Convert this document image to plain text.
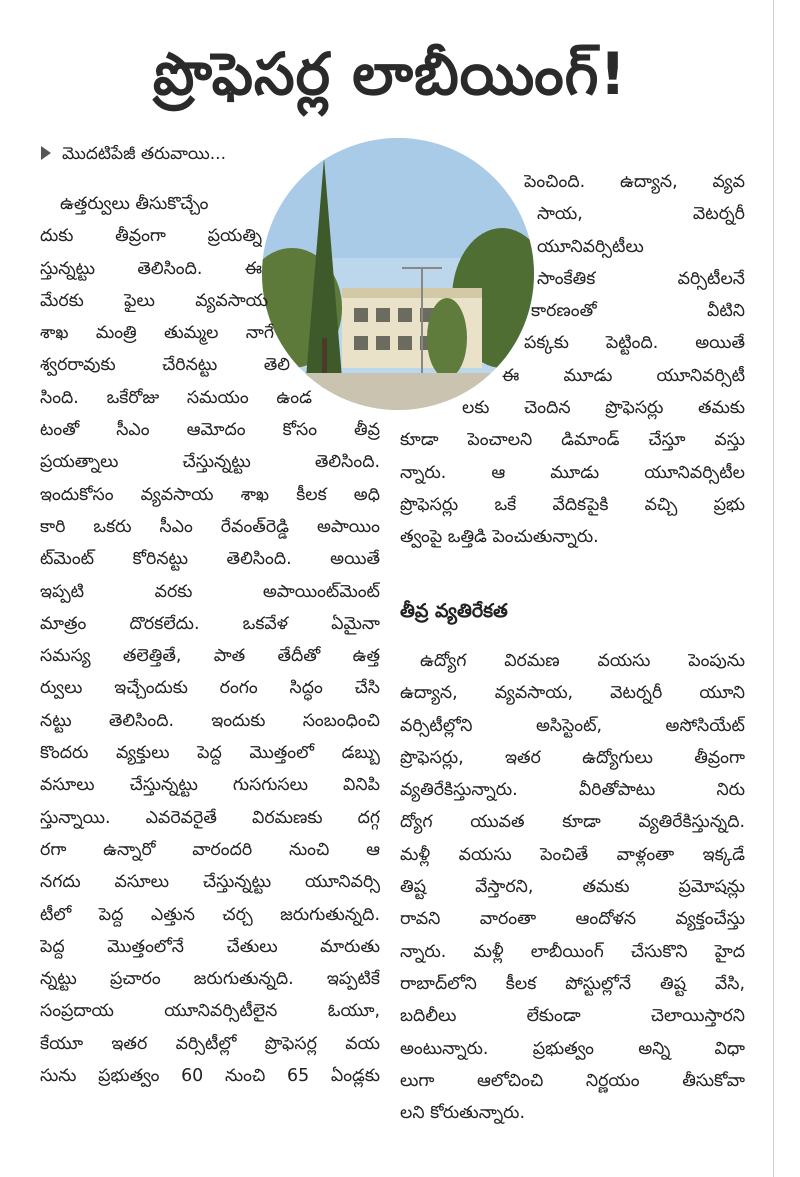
ప్రొఫెసర్ల లాబీయింగ్!
మొదటిపేజీ తరువాయి...
ఉత్తర్వులు తీసుకొచ్చేం
దుకు తీవ్రంగా ప్రయత్ని
స్తున్నట్టు తెలిసింది. ఈ
మేరకు ఫైలు వ్యవసాయ
శాఖ మంత్రి తుమ్మల నాగే
శ్వరరావుకు చేరినట్టు తెలి
సింది. ఒకేరోజు సమయం ఉండ
టంతో సీఎం ఆమోదం కోసం తీవ్ర
ప్రయత్నాలు చేస్తున్నట్టు తెలిసింది.
ఇందుకోసం వ్యవసాయ శాఖ కీలక అధి
కారి ఒకరు సీఎం రేవంత్‌రెడ్డి అపాయిం
ట్‌మెంట్ కోరినట్టు తెలిసింది. అయితే
ఇప్పటి వరకు అపాయింట్‌మెంట్
మాత్రం దొరకలేదు. ఒకవేళ ఏమైనా
సమస్య తలెత్తితే, పాత తేదీతో ఉత్త
ర్వులు ఇచ్చేందుకు రంగం సిద్ధం చేసి
నట్టు తెలిసింది. ఇందుకు సంబంధించి
కొందరు వ్యక్తులు పెద్ద మొత్తంలో డబ్బు
వసూలు చేస్తున్నట్టు గుసగుసలు వినిపి
స్తున్నాయి. ఎవరెవరైతే విరమణకు దగ్గ
రగా ఉన్నారో వారందరి నుంచి ఆ
నగదు వసూలు చేస్తున్నట్టు యూనివర్సి
టీలో పెద్ద ఎత్తున చర్చ జరుగుతున్నది.
పెద్ద మొత్తంలోనే చేతులు మారుతు
న్నట్టు ప్రచారం జరుగుతున్నది. ఇప్పటికే
సంప్రదాయ యూనివర్సిటీలైన ఓయూ,
కేయూ ఇతర వర్సిటీల్లో ప్రొఫెసర్ల వయ
సును ప్రభుత్వం 60 నుంచి 65 ఏండ్లకు
పెంచింది. ఉద్యాన, వ్యవ
సాయ, వెటర్నరీ
యూనివర్సిటీలు
సాంకేతిక వర్సిటీలనే
కారణంతో వీటిని
పక్కకు పెట్టింది. అయితే
ఈ మూడు యూనివర్సిటీ
లకు చెందిన ప్రొఫెసర్లు తమకు
కూడా పెంచాలని డిమాండ్ చేస్తూ వస్తు
న్నారు. ఆ మూడు యూనివర్సిటీల
ప్రొఫెసర్లు ఒకే వేదికపైకి వచ్చి ప్రభు
త్వంపై ఒత్తిడి పెంచుతున్నారు.
తీవ్ర వ్యతిరేకత
ఉద్యోగ విరమణ వయసు పెంపును
ఉద్యాన, వ్యవసాయ, వెటర్నరీ యూని
వర్సిటీల్లోని అసిస్టెంట్, అసోసియేట్
ప్రొఫెసర్లు, ఇతర ఉద్యోగులు తీవ్రంగా
వ్యతిరేకిస్తున్నారు. వీరితోపాటు నిరు
ద్యోగ యువత కూడా వ్యతిరేకిస్తున్నది.
మళ్లీ వయసు పెంచితే వాళ్లంతా ఇక్కడే
తిష్ట వేస్తారని, తమకు ప్రమోషన్లు
రావని వారంతా ఆందోళన వ్యక్తంచేస్తు
న్నారు. మళ్లీ లాబీయింగ్ చేసుకొని హైద
రాబాద్‌లోని కీలక పోస్టుల్లోనే తిష్ట వేసి,
బదిలీలు లేకుండా చెలాయిస్తారని
అంటున్నారు. ప్రభుత్వం అన్ని విధా
లుగా ఆలోచించి నిర్ణయం తీసుకోవా
లని కోరుతున్నారు.
